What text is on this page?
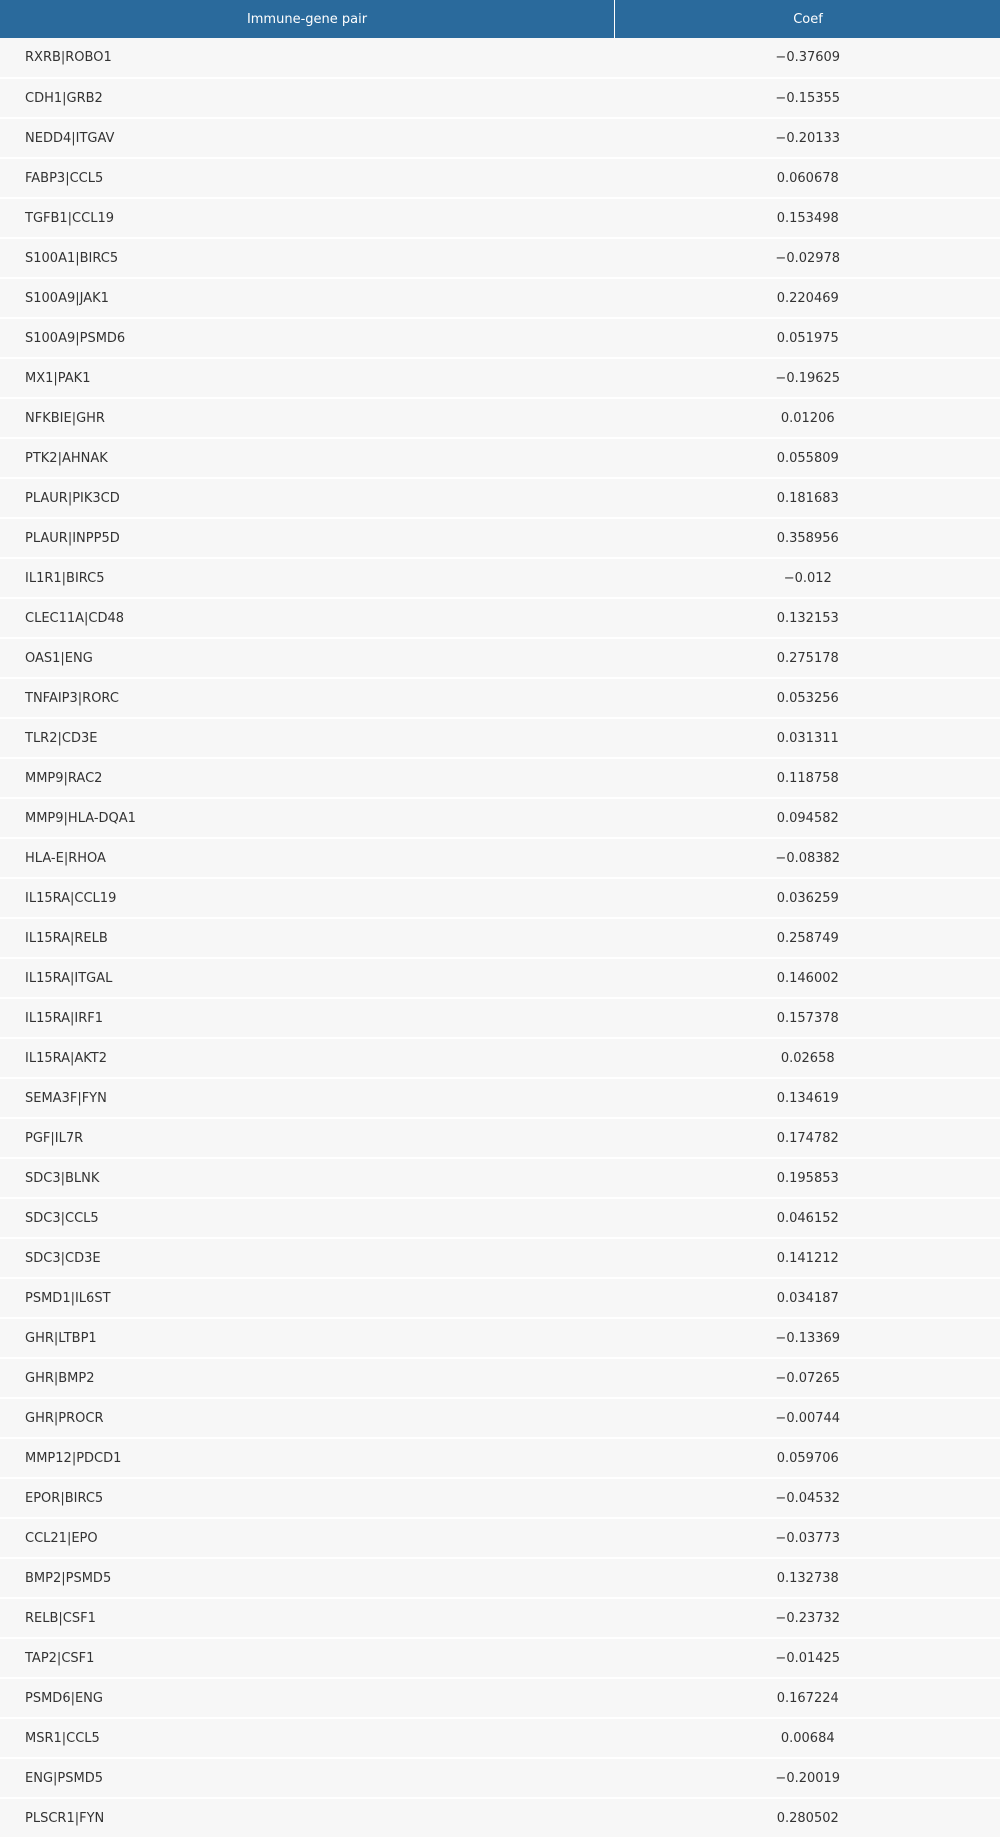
Immune-gene pair	Coef
RXRB|ROBO1	−0.37609
CDH1|GRB2	−0.15355
NEDD4|ITGAV	−0.20133
FABP3|CCL5	0.060678
TGFB1|CCL19	0.153498
S100A1|BIRC5	−0.02978
S100A9|JAK1	0.220469
S100A9|PSMD6	0.051975
MX1|PAK1	−0.19625
NFKBIE|GHR	0.01206
PTK2|AHNAK	0.055809
PLAUR|PIK3CD	0.181683
PLAUR|INPP5D	0.358956
IL1R1|BIRC5	−0.012
CLEC11A|CD48	0.132153
OAS1|ENG	0.275178
TNFAIP3|RORC	0.053256
TLR2|CD3E	0.031311
MMP9|RAC2	0.118758
MMP9|HLA-DQA1	0.094582
HLA-E|RHOA	−0.08382
IL15RA|CCL19	0.036259
IL15RA|RELB	0.258749
IL15RA|ITGAL	0.146002
IL15RA|IRF1	0.157378
IL15RA|AKT2	0.02658
SEMA3F|FYN	0.134619
PGF|IL7R	0.174782
SDC3|BLNK	0.195853
SDC3|CCL5	0.046152
SDC3|CD3E	0.141212
PSMD1|IL6ST	0.034187
GHR|LTBP1	−0.13369
GHR|BMP2	−0.07265
GHR|PROCR	−0.00744
MMP12|PDCD1	0.059706
EPOR|BIRC5	−0.04532
CCL21|EPO	−0.03773
BMP2|PSMD5	0.132738
RELB|CSF1	−0.23732
TAP2|CSF1	−0.01425
PSMD6|ENG	0.167224
MSR1|CCL5	0.00684
ENG|PSMD5	−0.20019
PLSCR1|FYN	0.280502
